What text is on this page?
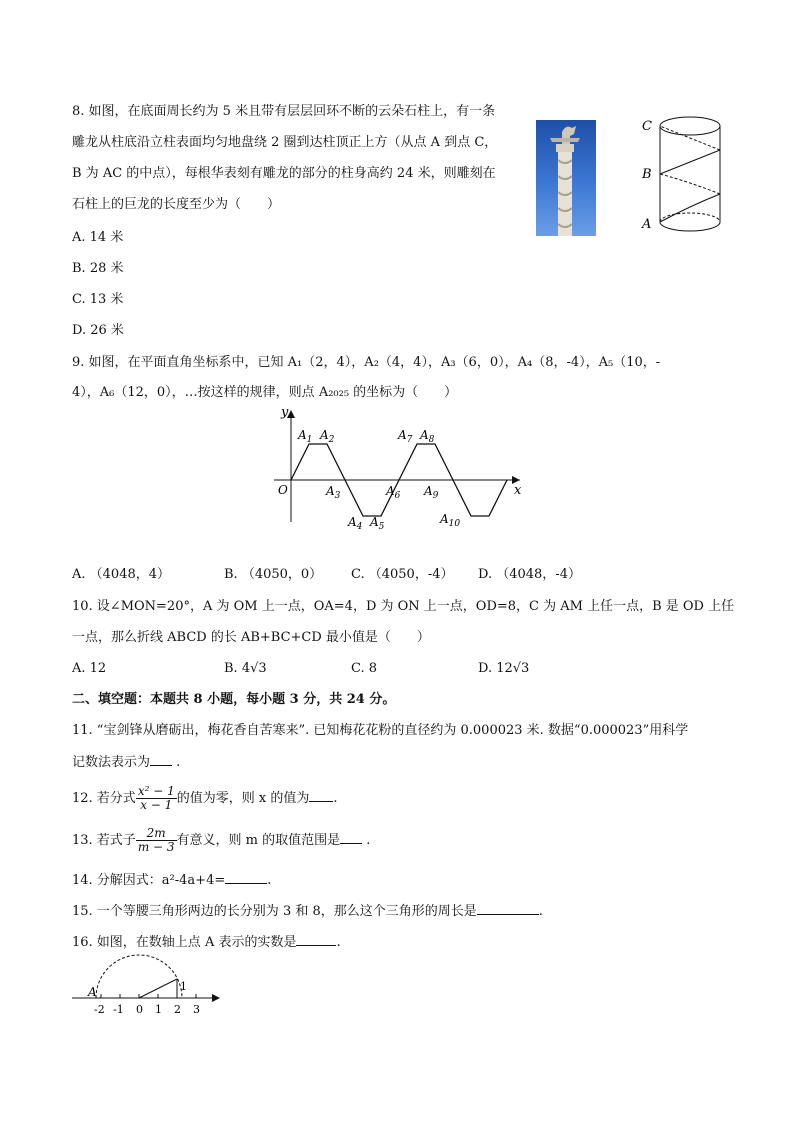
8. 如图，在底面周长约为 5 米且带有层层回环不断的云朵石柱上，有一条
雕龙从柱底沿立柱表面均匀地盘绕 2 圈到达柱顶正上方（从点 A 到点 C，
B 为 AC 的中点），每根华表刻有雕龙的部分的柱身高约 24 米，则雕刻在
石柱上的巨龙的长度至少为（　　）
A. 14 米
B. 28 米
C. 13 米
D. 26 米
C
B
A
9. 如图，在平面直角坐标系中，已知 A₁（2，4），A₂（4，4），A₃（6，0），A₄（8，-4），A₅（10，-
4），A₆（12，0），…按这样的规律，则点 A₂₀₂₅ 的坐标为（　　）
y
x
O
$A_1$ $A_2$
$A_3$
$A_4$ $A_5$
$A_6$
$A_7$ $A_8$
$A_9$
$A_{10}$
A. （4048，4）	B. （4050，0） C. （4050，-4） D. （4048，-4）
10. 设∠MON=20°，A 为 OM 上一点，OA=4，D 为 ON 上一点，OD=8，C 为 AM 上任一点，B 是 OD 上任
一点，那么折线 ABCD 的长 AB+BC+CD 最小值是（　　）
A. 12	B. 4√3	C. 8	D. 12√3
二、填空题：本题共 8 小题，每小题 3 分，共 24 分。
11. “宝剑锋从磨砺出，梅花香自苦寒来”. 已知梅花花粉的直径约为 0.000023 米. 数据“0.000023”用科学
记数法表示为 .
12. 若分式 $\frac{\text{x² − 1}}{x - 1}$ 的值为零，则 x 的值为 .
13. 若式子 $\frac{2m}{m - 3}$ 有意义，则 m 的取值范围是 .
14. 分解因式：a²-4a+4=	.
15. 一个等腰三角形两边的长分别为 3 和 8，那么这个三角形的周长是	.
16. 如图，在数轴上点 A 表示的实数是	.
A	1
-2 -1 0 1 2 3
